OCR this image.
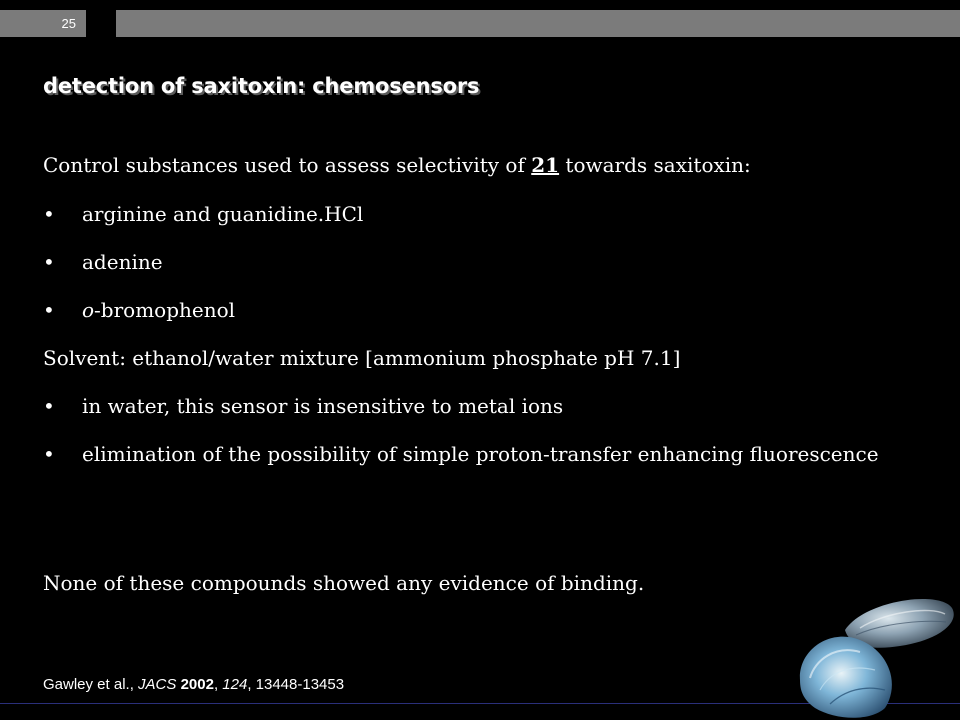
25
detection of saxitoxin: chemosensors

Control substances used to assess selectivity of 21 towards saxitoxin:

• arginine and guanidine.HCl
• adenine
• o-bromophenol

Solvent: ethanol/water mixture [ammonium phosphate pH 7.1]

• in water, this sensor is insensitive to metal ions
• elimination of the possibility of simple proton-transfer enhancing fluorescence

None of these compounds showed any evidence of binding.

Gawley et al., JACS 2002, 124, 13448-13453
